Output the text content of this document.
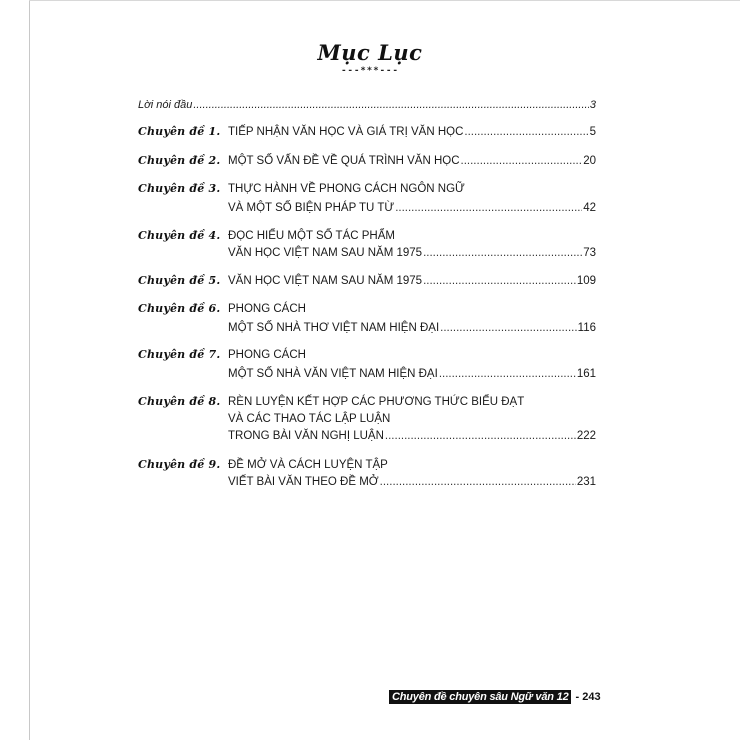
Mục Lục
---***---
Lời nói đầu .....	3
Chuyên đề 1. TIẾP NHẬN VĂN HỌC VÀ GIÁ TRỊ VĂN HỌC .....	5
Chuyên đề 2. MỘT SỐ VẤN ĐỀ VỀ QUÁ TRÌNH VĂN HỌC .....	20
Chuyên đề 3. THỰC HÀNH VỀ PHONG CÁCH NGÔN NGỮ
VÀ MỘT SỐ BIỆN PHÁP TU TỪ .....	42
Chuyên đề 4. ĐỌC HIỂU MỘT SỐ TÁC PHẨM
VĂN HỌC VIỆT NAM SAU NĂM 1975 .....	73
Chuyên đề 5. VĂN HỌC VIỆT NAM SAU NĂM 1975 .....	109
Chuyên đề 6. PHONG CÁCH
MỘT SỐ NHÀ THƠ VIỆT NAM HIỆN ĐẠI .....	116
Chuyên đề 7. PHONG CÁCH
MỘT SỐ NHÀ VĂN VIỆT NAM HIỆN ĐẠI .....	161
Chuyên đề 8. RÈN LUYỆN KẾT HỢP CÁC PHƯƠNG THỨC BIỂU ĐẠT
VÀ CÁC THAO TÁC LẬP LUẬN
TRONG BÀI VĂN NGHỊ LUẬN .....	222
Chuyên đề 9. ĐỀ MỞ VÀ CÁCH LUYỆN TẬP
VIẾT BÀI VĂN THEO ĐỀ MỞ .....	231
Chuyên đề chuyên sâu Ngữ văn 12 - 243
